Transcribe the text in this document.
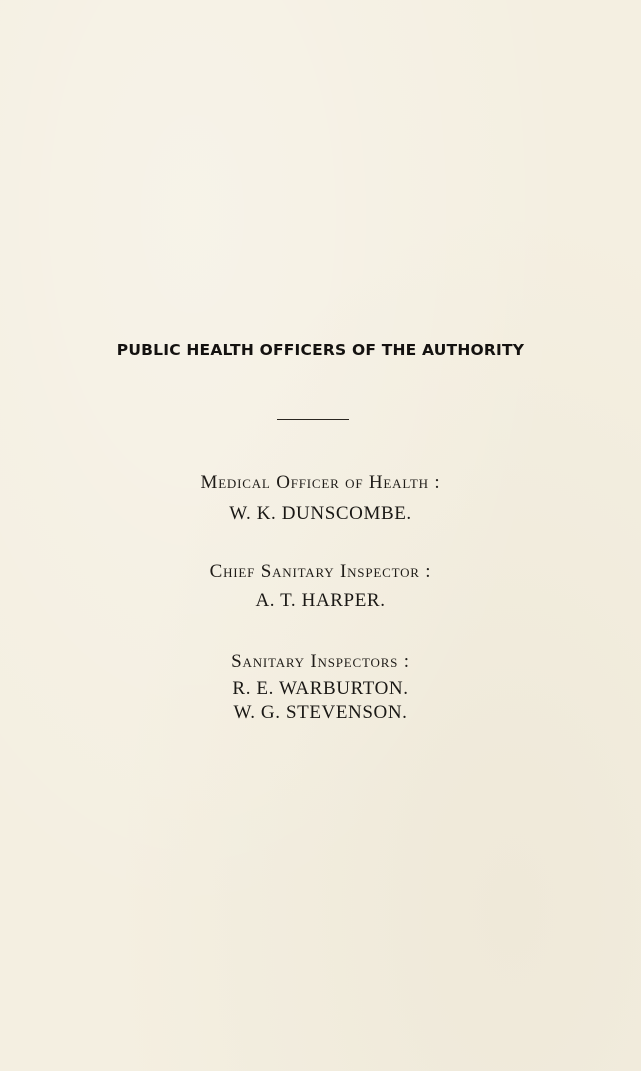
PUBLIC HEALTH OFFICERS OF THE AUTHORITY
Medical Officer of Health :
W. K. DUNSCOMBE.
Chief Sanitary Inspector :
A. T. HARPER.
Sanitary Inspectors :
R. E. WARBURTON.
W. G. STEVENSON.
